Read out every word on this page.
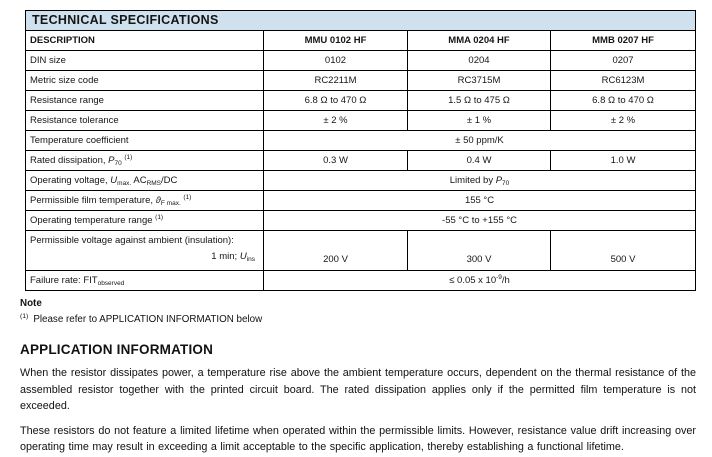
TECHNICAL SPECIFICATIONS			
DESCRIPTION	MMU 0102 HF	MMA 0204 HF	MMB 0207 HF
DIN size	0102	0204	0207
Metric size code	RC2211M	RC3715M	RC6123M
Resistance range	6.8 Ω to 470 Ω	1.5 Ω to 475 Ω	6.8 Ω to 470 Ω
Resistance tolerance	± 2 %	± 1 %	± 2 %
Temperature coefficient	± 50 ppm/K		
Rated dissipation, $P_{70}$ $^{(1)}$	0.3 W	0.4 W	1.0 W
Operating voltage, $U_{max.}$ $AC_{RMS}/DC$	Limited by $P_{70}$
Permissible film temperature, $ϑ_{F max.}$ $^{(1)}$	155 °C		
Operating temperature range $^{(1)}$	-55 °C to +155 °C		
Permissible voltage against ambient (insulation):
1 min; $U_{ins}$	200 V	300 V	500 V
Failure rate: $FIT_{observed}$	≤ 0.05 x $10^{-9}/h$		
Note
$^{(1)}$ Please refer to APPLICATION INFORMATION below
APPLICATION INFORMATION

When the resistor dissipates power, a temperature rise above the ambient temperature occurs, dependent on the thermal resistance of the assembled resistor together with the printed circuit board. The rated dissipation applies only if the permitted film temperature is not exceeded.

These resistors do not feature a limited lifetime when operated within the permissible limits. However, resistance value drift increasing over operating time may result in exceeding a limit acceptable to the specific application, thereby establishing a functional lifetime.
